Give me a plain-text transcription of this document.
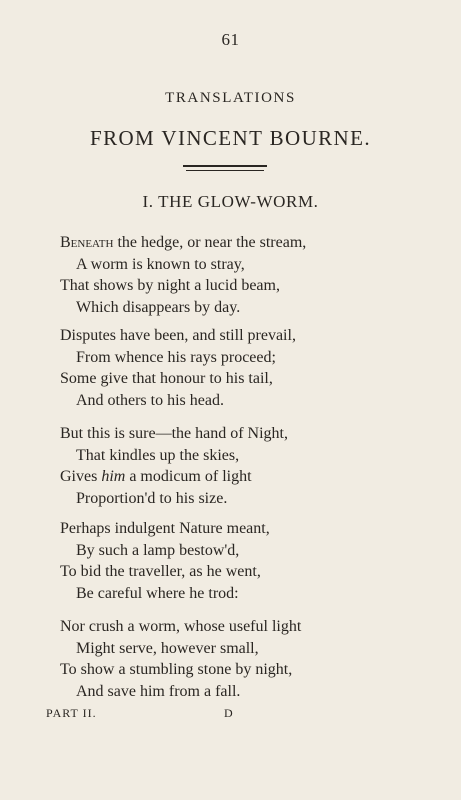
61
TRANSLATIONS
FROM VINCENT BOURNE.
I. THE GLOW-WORM.
Beneath the hedge, or near the stream,
A worm is known to stray,
That shows by night a lucid beam,
Which disappears by day.
Disputes have been, and still prevail,
From whence his rays proceed;
Some give that honour to his tail,
And others to his head.
But this is sure—the hand of Night,
That kindles up the skies,
Gives him a modicum of light
Proportion'd to his size.
Perhaps indulgent Nature meant,
By such a lamp bestow'd,
To bid the traveller, as he went,
Be careful where he trod:
Nor crush a worm, whose useful light
Might serve, however small,
To show a stumbling stone by night,
And save him from a fall.
PART II.	D
